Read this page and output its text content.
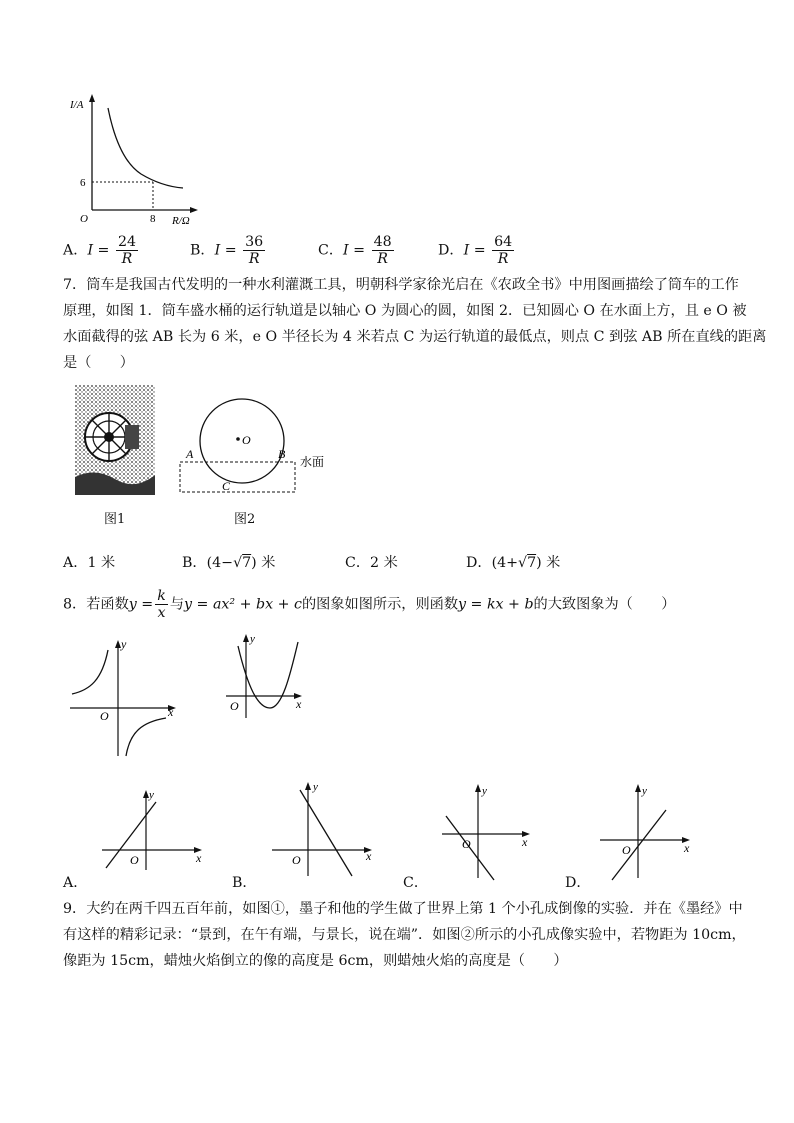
I/A
R/Ω
O
6
8
A．$I = \frac{24}{R}$	B．$I = \frac{36}{R}$	C．$I = \frac{48}{R}$	D．$I = \frac{64}{R}$
7．筒车是我国古代发明的一种水利灌溉工具，明朝科学家徐光启在《农政全书》中用图画描绘了筒车的工作
原理，如图 1．筒车盛水桶的运行轨道是以轴心 O 为圆心的圆，如图 2．已知圆心 O 在水面上方，且 e O 被
水面截得的弦 AB 长为 6 米，e O 半径长为 4 米若点 C 为运行轨道的最低点，则点 C 到弦 AB 所在直线的距离
是（　　）
图1
O
A	B
C
水面
图2
A．1 米	B．(4−√7) 米	C．2 米	D．(4+√7) 米
8．若函数$y = \frac{k}{x}$ 与y = ax² + bx + c的图象如图所示，则函数y = kx + b的大致图象为（　　）
y
x
O
y
x
O
y
x
O
A．
y
x
O
B．
y
x
O
C．
y
x
O
D．
9．大约在两千四五百年前，如图①，墨子和他的学生做了世界上第 1 个小孔成倒像的实验．并在《墨经》中
有这样的精彩记录：“景到，在午有端，与景长，说在端”．如图②所示的小孔成像实验中，若物距为 10cm，
像距为 15cm，蜡烛火焰倒立的像的高度是 6cm，则蜡烛火焰的高度是（　　）
